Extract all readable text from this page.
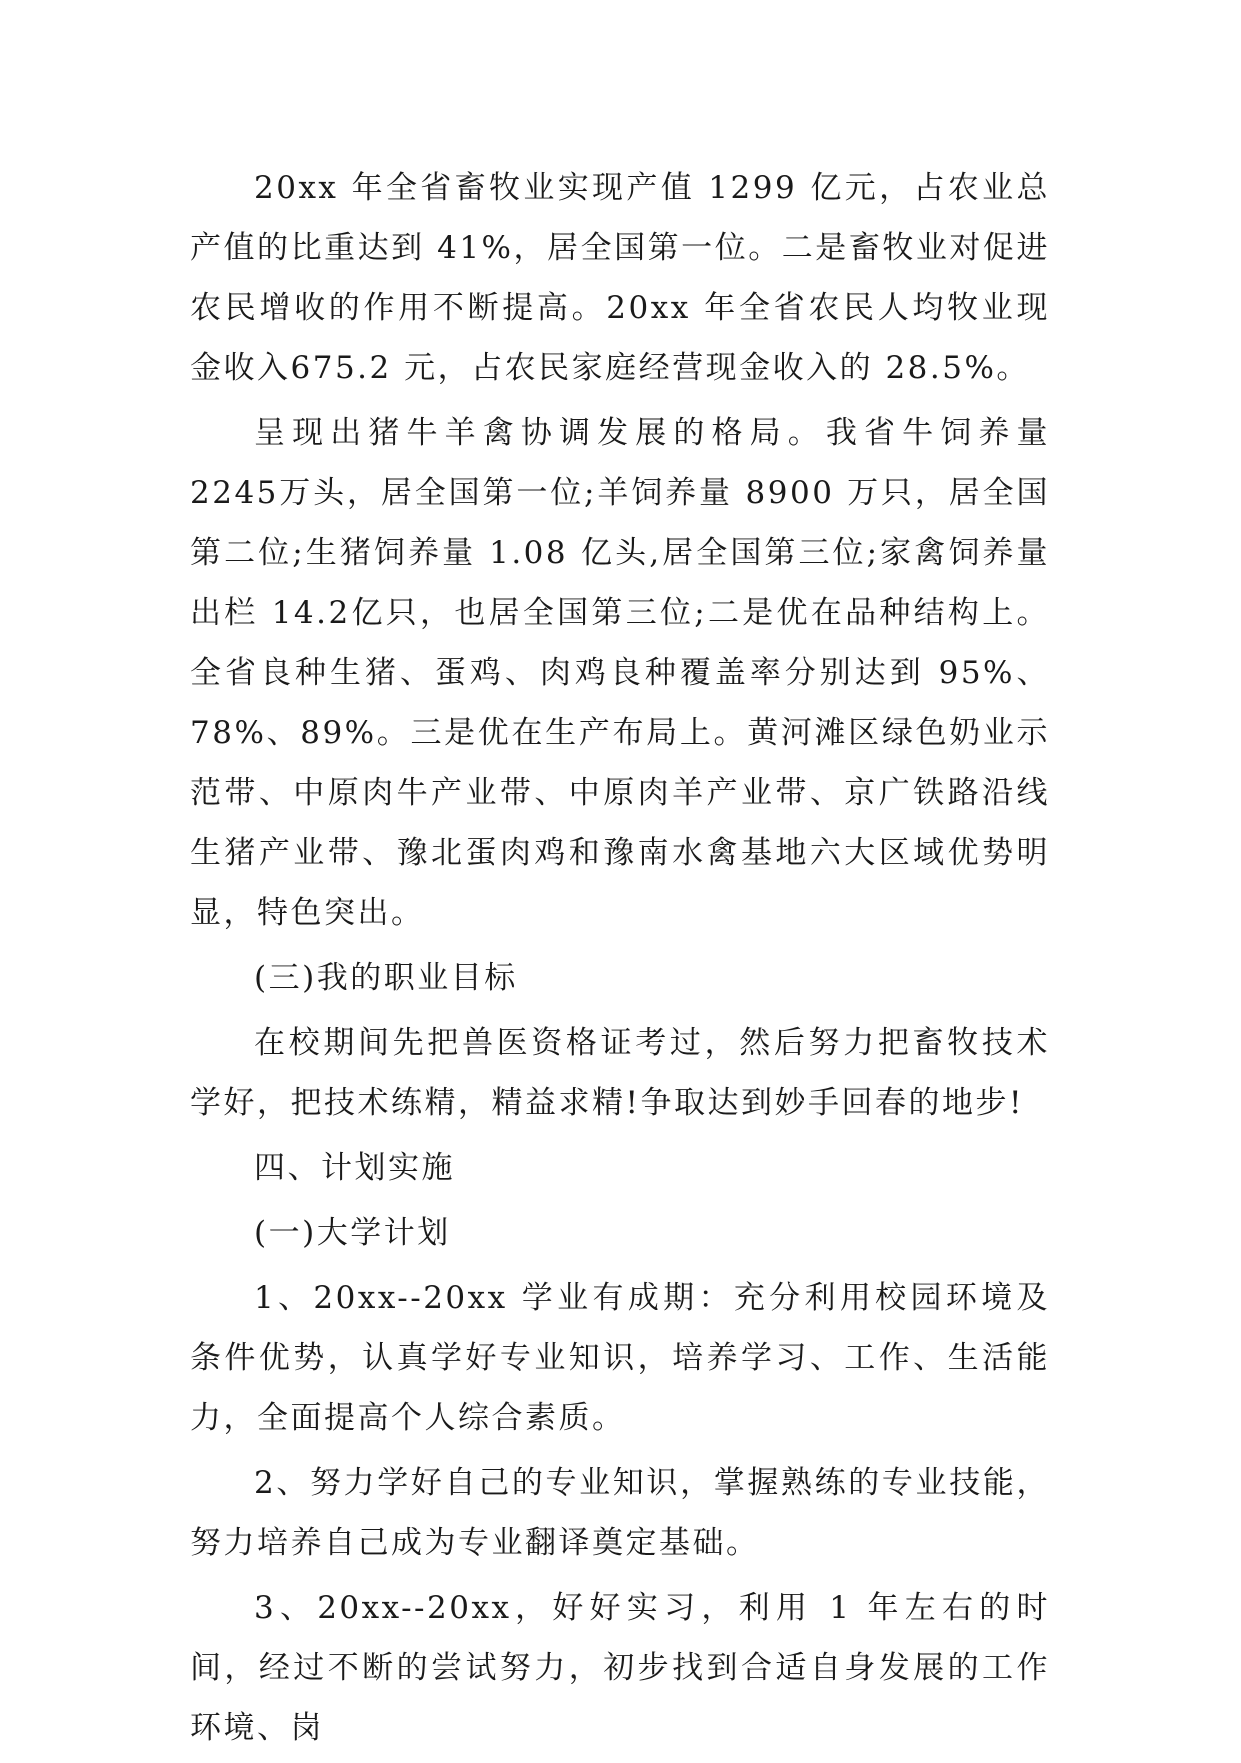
20xx 年全省畜牧业实现产值 1299 亿元，占农业总产值的比重达到 41%，居全国第一位。二是畜牧业对促进农民增收的作用不断提高。20xx 年全省农民人均牧业现金收入675.2 元，占农民家庭经营现金收入的 28.5%。

呈现出猪牛羊禽协调发展的格局。我省牛饲养量 2245万头，居全国第一位;羊饲养量 8900 万只，居全国第二位;生猪饲养量 1.08 亿头,居全国第三位;家禽饲养量出栏 14.2亿只，也居全国第三位;二是优在品种结构上。全省良种生猪、蛋鸡、肉鸡良种覆盖率分别达到 95%、78%、89%。三是优在生产布局上。黄河滩区绿色奶业示范带、中原肉牛产业带、中原肉羊产业带、京广铁路沿线生猪产业带、豫北蛋肉鸡和豫南水禽基地六大区域优势明显，特色突出。

(三)我的职业目标

在校期间先把兽医资格证考过，然后努力把畜牧技术学好，把技术练精，精益求精!争取达到妙手回春的地步!

四、计划实施

(一)大学计划

1、20xx--20xx 学业有成期：充分利用校园环境及条件优势，认真学好专业知识，培养学习、工作、生活能力，全面提高个人综合素质。

2、努力学好自己的专业知识，掌握熟练的专业技能，努力培养自己成为专业翻译奠定基础。

3、20xx--20xx，好好实习，利用 1 年左右的时间，经过不断的尝试努力，初步找到合适自身发展的工作环境、岗
